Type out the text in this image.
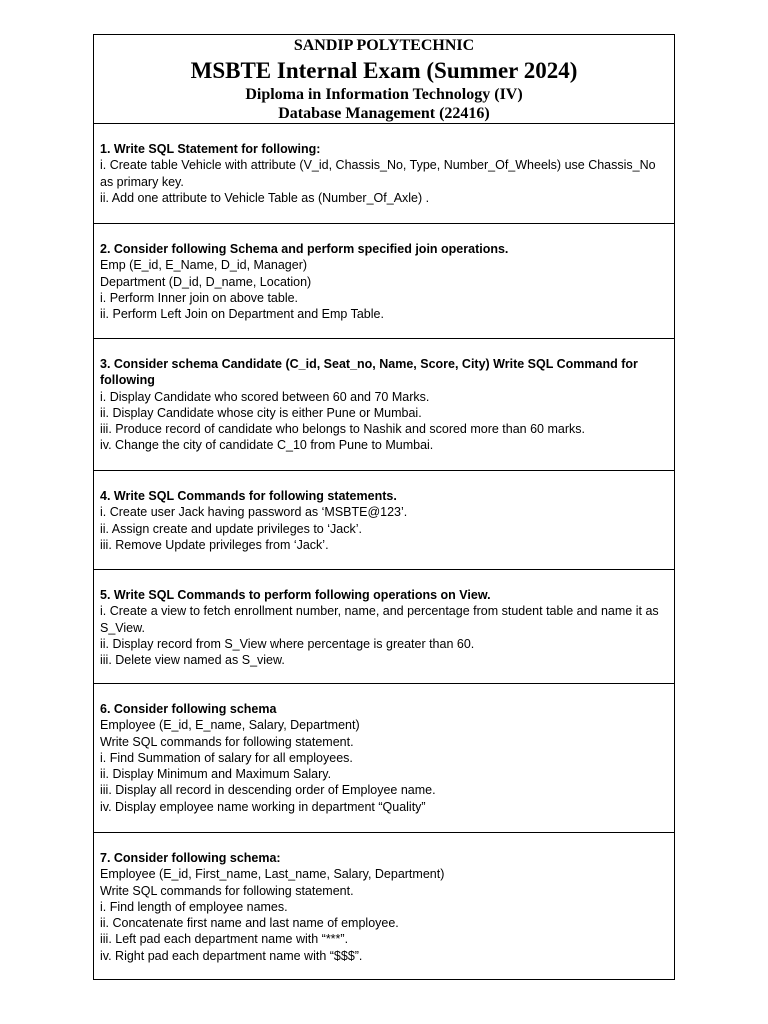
SANDIP POLYTECHNIC
MSBTE Internal Exam (Summer 2024)
Diploma in Information Technology (IV)
Database Management (22416)
1. Write SQL Statement for following:
i. Create table Vehicle with attribute (V_id, Chassis_No, Type, Number_Of_Wheels) use Chassis_No as primary key.
ii. Add one attribute to Vehicle Table as (Number_Of_Axle) .
2. Consider following Schema and perform specified join operations.
Emp (E_id, E_Name, D_id, Manager)
Department (D_id, D_name, Location)
i. Perform Inner join on above table.
ii. Perform Left Join on Department and Emp Table.
3. Consider schema Candidate (C_id, Seat_no, Name, Score, City) Write SQL Command for following
i. Display Candidate who scored between 60 and 70 Marks.
ii. Display Candidate whose city is either Pune or Mumbai.
iii. Produce record of candidate who belongs to Nashik and scored more than 60 marks.
iv. Change the city of candidate C_10 from Pune to Mumbai.
4. Write SQL Commands for following statements.
i. Create user Jack having password as ‘MSBTE@123’.
ii. Assign create and update privileges to ‘Jack’.
iii. Remove Update privileges from ‘Jack’.
5. Write SQL Commands to perform following operations on View.
i. Create a view to fetch enrollment number, name, and percentage from student table and name it as S_View.
ii. Display record from S_View where percentage is greater than 60.
iii. Delete view named as S_view.
6. Consider following schema
Employee (E_id, E_name, Salary, Department)
Write SQL commands for following statement.
i. Find Summation of salary for all employees.
ii. Display Minimum and Maximum Salary.
iii. Display all record in descending order of Employee name.
iv. Display employee name working in department “Quality”
7. Consider following schema:
Employee (E_id, First_name, Last_name, Salary, Department)
Write SQL commands for following statement.
i. Find length of employee names.
ii. Concatenate first name and last name of employee.
iii. Left pad each department name with “***”.
iv. Right pad each department name with “$$$”.
